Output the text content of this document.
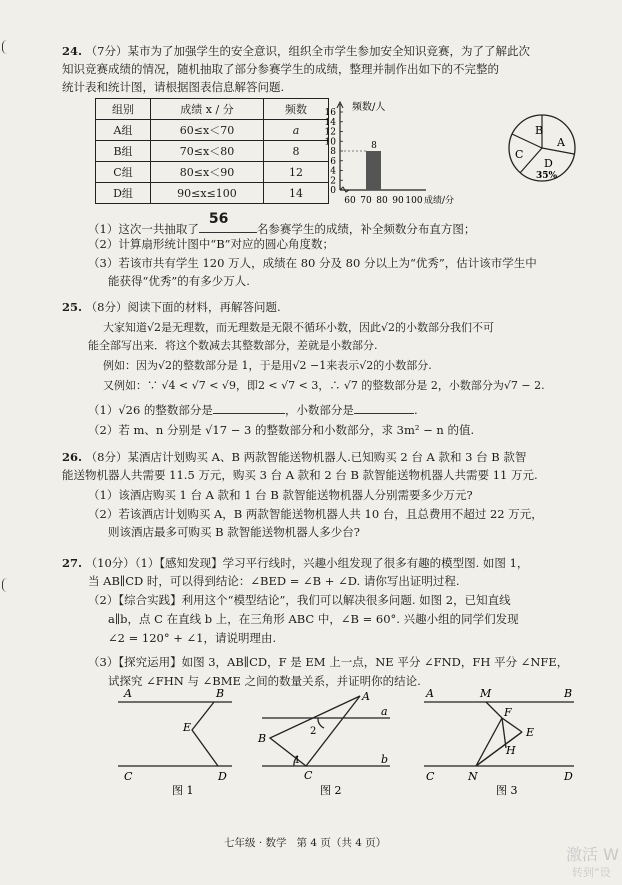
24. （7分）某市为了加强学生的安全意识，组织全市学生参加安全知识竞赛，为了了解此次
知识竞赛成绩的情况，随机抽取了部分参赛学生的成绩，整理并制作出如下的不完整的
统计表和统计图，请根据图表信息解答问题.
组别	成绩 x / 分	频数
A组	60≤x＜70	a
B组	70≤x＜80	8
C组	80≤x＜90	12
D组	90≤x≤100	14
16
14
12
10
8
6
4
2
0
8
60 70 80 90 100
频数/人
成绩/分
B
A
C
D
35%
（1）这次一共抽取了
56
名参赛学生的成绩，补全频数分布直方图；
（2）计算扇形统计图中“B”对应的圆心角度数；
（3）若该市共有学生 120 万人，成绩在 80 分及 80 分以上为“优秀”，估计该市学生中
能获得“优秀”的有多少万人.
25. （8分）阅读下面的材料，再解答问题.
大家知道√2是无理数，而无理数是无限不循环小数，因此√2的小数部分我们不可
能全部写出来．将这个数减去其整数部分，差就是小数部分.
例如：因为√2的整数部分是 1，于是用√2 −1来表示√2的小数部分.
又例如：∵ √4 < √7 < √9，即2 < √7 < 3，∴ √7 的整数部分是 2，小数部分为√7 − 2.
（1）√26 的整数部分是	，小数部分是	.
（2）若 m、n 分别是 √17 − 3 的整数部分和小数部分，求 3m² − n 的值.
26. （8分）某酒店计划购买 A、B 两款智能送物机器人.已知购买 2 台 A 款和 3 台 B 款智
能送物机器人共需要 11.5 万元，购买 3 台 A 款和 2 台 B 款智能送物机器人共需要 11 万元.
（1）该酒店购买 1 台 A 款和 1 台 B 款智能送物机器人分别需要多少万元?
（2）若该酒店计划购买 A，B 两款智能送物机器人共 10 台，且总费用不超过 22 万元，
则该酒店最多可购买 B 款智能送物机器人多少台?
27. （10分）（1）【感知发现】学习平行线时，兴趣小组发现了很多有趣的模型图. 如图 1，
当 AB∥CD 时，可以得到结论：∠BED = ∠B + ∠D. 请你写出证明过程.
（2）【综合实践】利用这个“模型结论”，我们可以解决很多问题. 如图 2，已知直线
a∥b，点 C 在直线 b 上，在三角形 ABC 中，∠B = 60°. 兴趣小组的同学们发现
∠2 = 120° + ∠1，请说明理由.
（3）【探究运用】如图 3，AB∥CD，F 是 EM 上一点，NE 平分 ∠FND，FH 平分 ∠NFE，
试探究 ∠FHN 与 ∠BME 之间的数量关系，并证明你的结论.
A	B
E
C	D
图 1
A
B
C
a
b
1
2
图 2
A	M	B
F
E
H
C	N	D
图 3
七年级 · 数学 第 4 页（共 4 页）
激活 W
转到“设
